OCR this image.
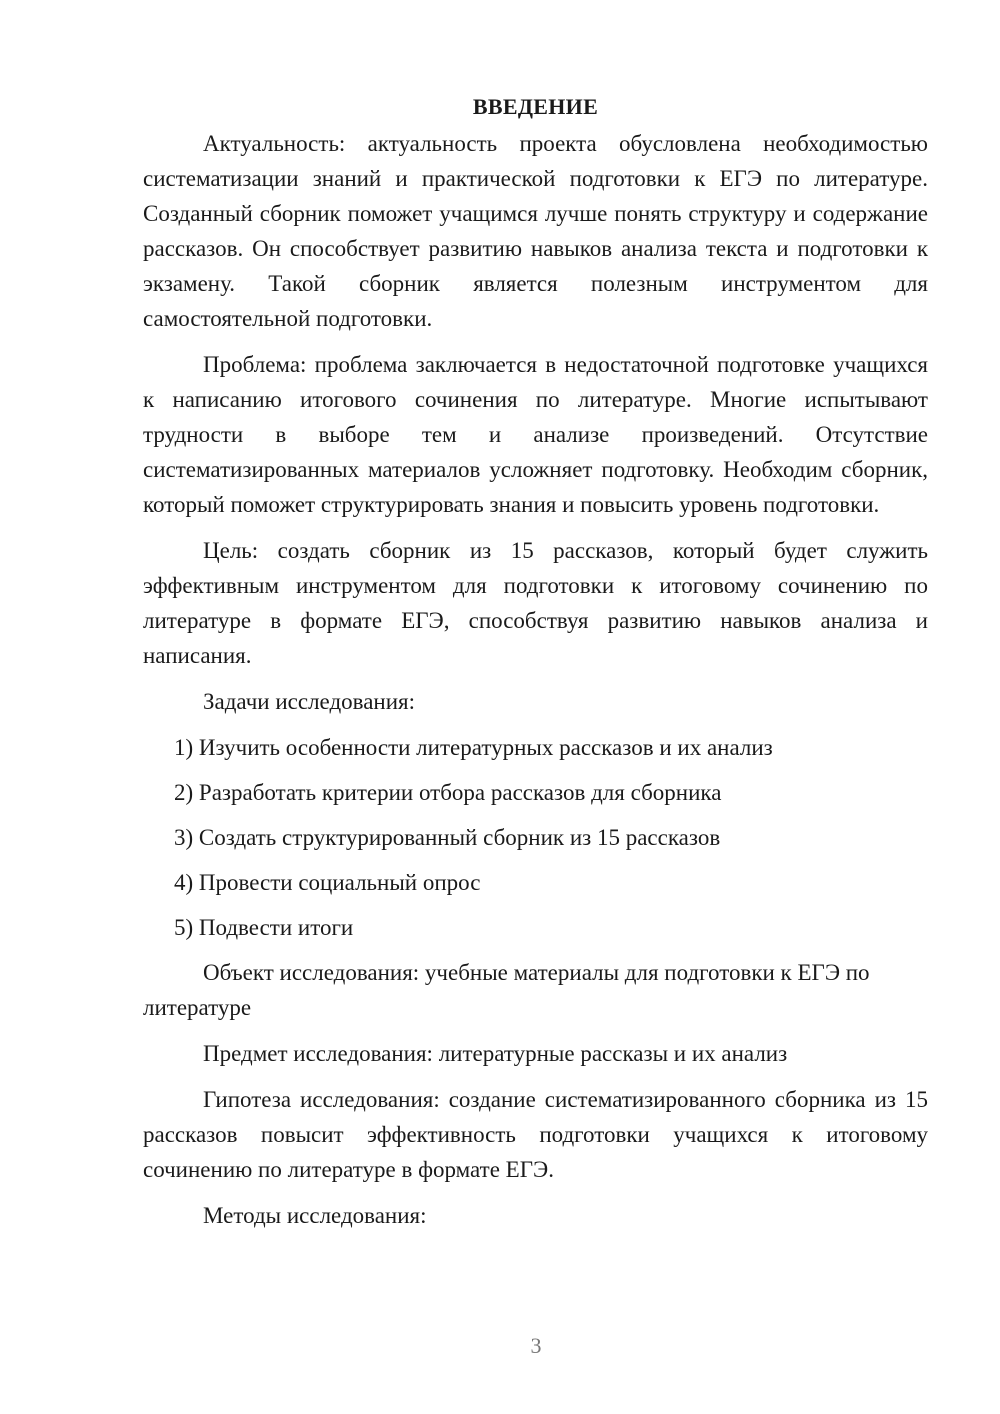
ВВЕДЕНИЕ

Актуальность: актуальность проекта обусловлена необходимостью систематизации знаний и практической подготовки к ЕГЭ по литературе. Созданный сборник поможет учащимся лучше понять структуру и содержание рассказов. Он способствует развитию навыков анализа текста и подготовки к экзамену. Такой сборник является полезным инструментом для самостоятельной подготовки.

Проблема: проблема заключается в недостаточной подготовке учащихся к написанию итогового сочинения по литературе. Многие испытывают трудности в выборе тем и анализе произведений. Отсутствие систематизированных материалов усложняет подготовку. Необходим сборник, который поможет структурировать знания и повысить уровень подготовки.

Цель: создать сборник из 15 рассказов, который будет служить эффективным инструментом для подготовки к итоговому сочинению по литературе в формате ЕГЭ, способствуя развитию навыков анализа и написания.

Задачи исследования:

1) Изучить особенности литературных рассказов и их анализ

2) Разработать критерии отбора рассказов для сборника

3) Создать структурированный сборник из 15 рассказов

4) Провести социальный опрос

5) Подвести итоги

Объект исследования: учебные материалы для подготовки к ЕГЭ по литературе

Предмет исследования: литературные рассказы и их анализ

Гипотеза исследования: создание систематизированного сборника из 15 рассказов повысит эффективность подготовки учащихся к итоговому сочинению по литературе в формате ЕГЭ.

Методы исследования:

3
